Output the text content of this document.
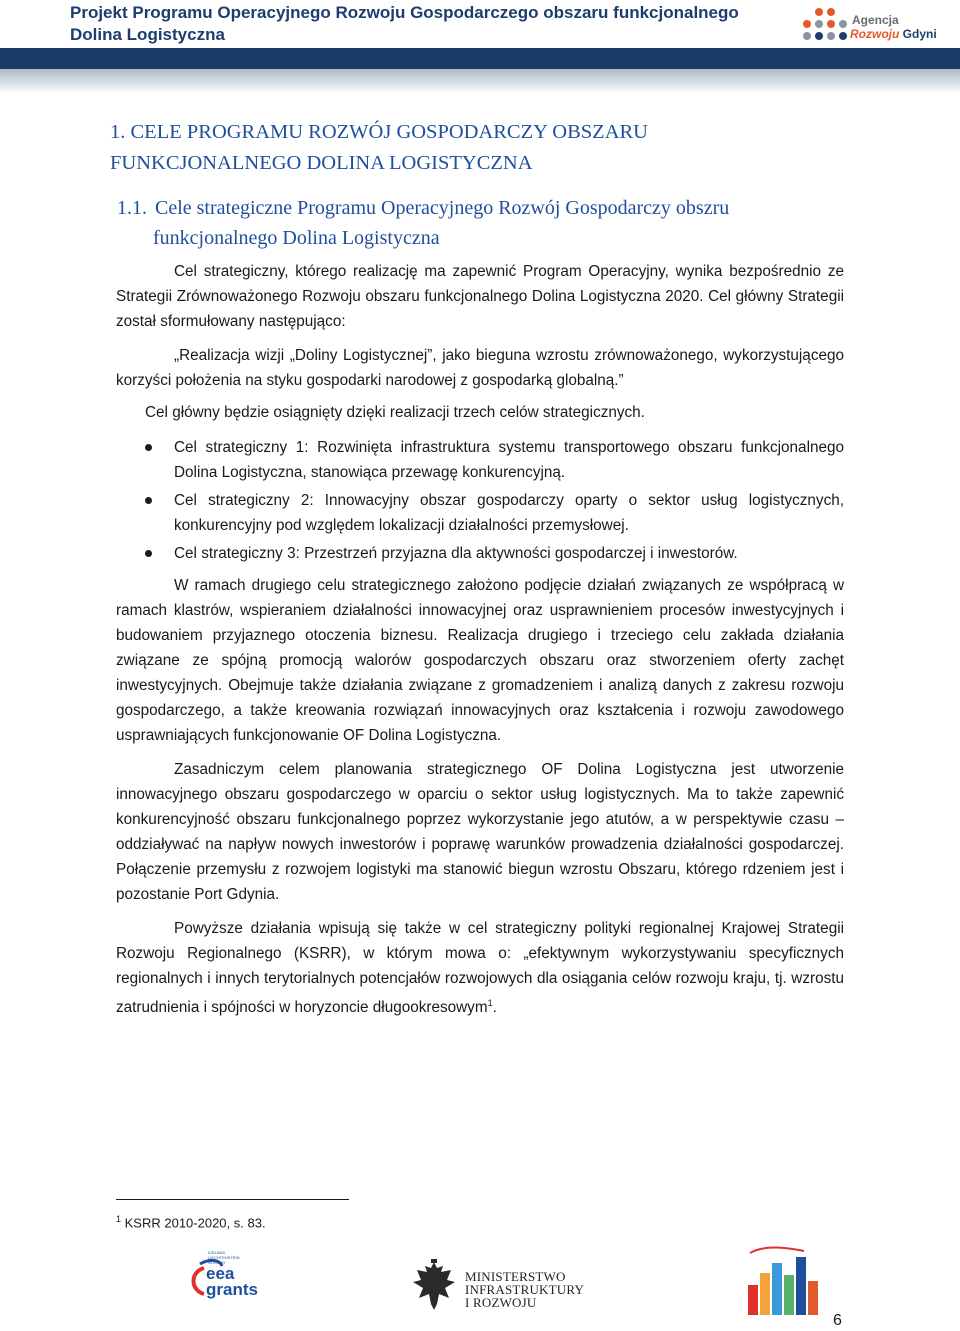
Projekt Programu Operacyjnego Rozwoju Gospodarczego obszaru funkcjonalnego Dolina Logistyczna
Agencja
Rozwoju Gdyni
1. CELE PROGRAMU ROZWÓJ GOSPODARCZY OBSZARU FUNKCJONALNEGO DOLINA LOGISTYCZNA
1.1. Cele strategiczne Programu Operacyjnego Rozwój Gospodarczy obszru
funkcjonalnego Dolina Logistyczna
Cel strategiczny, którego realizację ma zapewnić Program Operacyjny, wynika bezpośrednio ze Strategii Zrównoważonego Rozwoju obszaru funkcjonalnego Dolina Logistyczna 2020. Cel główny Strategii został sformułowany następująco:
„Realizacja wizji „Doliny Logistycznej”, jako bieguna wzrostu zrównoważonego, wykorzystującego korzyści położenia na styku gospodarki narodowej z gospodarką globalną.”
Cel główny będzie osiągnięty dzięki realizacji trzech celów strategicznych.
Cel strategiczny 1: Rozwinięta infrastruktura systemu transportowego obszaru funkcjonalnego Dolina Logistyczna, stanowiąca przewagę konkurencyjną.
Cel strategiczny 2: Innowacyjny obszar gospodarczy oparty o sektor usług logistycznych, konkurencyjny pod względem lokalizacji działalności przemysłowej.
Cel strategiczny 3: Przestrzeń przyjazna dla aktywności gospodarczej i inwestorów.
W ramach drugiego celu strategicznego założono podjęcie działań związanych ze współpracą w ramach klastrów, wspieraniem działalności innowacyjnej oraz usprawnieniem procesów inwestycyjnych i budowaniem przyjaznego otoczenia biznesu. Realizacja drugiego i trzeciego celu zakłada działania związane ze spójną promocją walorów gospodarczych obszaru oraz stworzeniem oferty zachęt inwestycyjnych. Obejmuje także działania związane z gromadzeniem i analizą danych z zakresu rozwoju gospodarczego, a także kreowania rozwiązań innowacyjnych oraz kształcenia i rozwoju zawodowego usprawniających funkcjonowanie OF Dolina Logistyczna.
Zasadniczym celem planowania strategicznego OF Dolina Logistyczna jest utworzenie innowacyjnego obszaru gospodarczego w oparciu o sektor usług logistycznych. Ma to także zapewnić konkurencyjność obszaru funkcjonalnego poprzez wykorzystanie jego atutów, a w perspektywie czasu – oddziaływać na napływ nowych inwestorów i poprawę warunków prowadzenia działalności gospodarczej. Połączenie przemysłu z rozwojem logistyki ma stanowić biegun wzrostu Obszaru, którego rdzeniem jest i pozostanie Port Gdynia.
Powyższe działania wpisują się także w cel strategiczny polityki regionalnej Krajowej Strategii Rozwoju Regionalnego (KSRR), w którym mowa o: „efektywnym wykorzystywaniu specyficznych regionalnych i innych terytorialnych potencjałów rozwojowych dla osiągania celów rozwoju kraju, tj. wzrostu zatrudnienia i spójności w horyzoncie długookresowym$^1$.
$^1$ KSRR 2010-2020, s. 83.
ICELAND LIECHTENSTEIN NORWAY
eea
grants
MINISTERSTWO
INFRASTRUKTURY
I ROZWOJU
6
